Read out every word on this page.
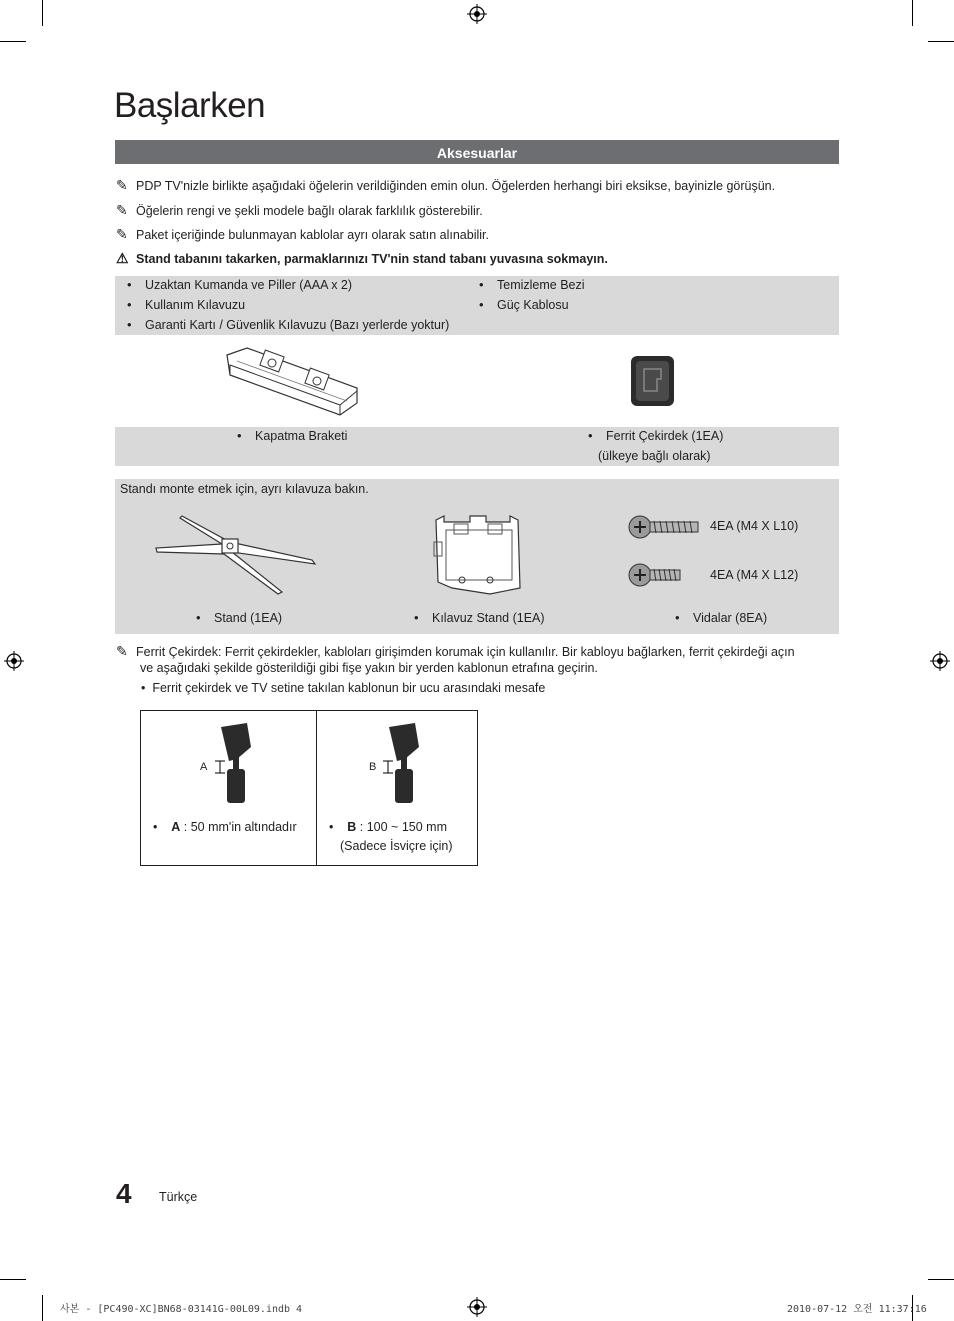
Başlarken
Aksesuarlar
✎ PDP TV'nizle birlikte aşağıdaki öğelerin verildiğinden emin olun. Öğelerden herhangi biri eksikse, bayinizle görüşün.
✎ Öğelerin rengi ve şekli modele bağlı olarak farklılık gösterebilir.
✎ Paket içeriğinde bulunmayan kablolar ayrı olarak satın alınabilir.
⚠ Stand tabanını takarken, parmaklarınızı TV'nin stand tabanı yuvasına sokmayın.
• Uzaktan Kumanda ve Piller (AAA x 2)
• Kullanım Kılavuzu
• Garanti Kartı / Güvenlik Kılavuzu (Bazı yerlerde yoktur)
• Temizleme Bezi
• Güç Kablosu
• Kapatma Braketi	• Ferrit Çekirdek (1EA)
(ülkeye bağlı olarak)
Standı monte etmek için, ayrı kılavuza bakın.
4EA (M4 X L10)
4EA (M4 X L12)
• Stand (1EA)	• Kılavuz Stand (1EA)	• Vidalar (8EA)
✎ Ferrit Çekirdek: Ferrit çekirdekler, kabloları girişimden korumak için kullanılır. Bir kabloyu bağlarken, ferrit çekirdeği açın
ve aşağıdaki şekilde gösterildiği gibi fişe yakın bir yerden kablonun etrafına geçirin.
•  Ferrit çekirdek ve TV setine takılan kablonun bir ucu arasındaki mesafe
A	B
•    A : 50 mm'in altındadır	•    B : 100 ~ 150 mm
(Sadece İsviçre için)
4 Türkçe
사본 - [PC490-XC]BN68-03141G-00L09.indb 4	2010-07-12 오전 11:37:16
